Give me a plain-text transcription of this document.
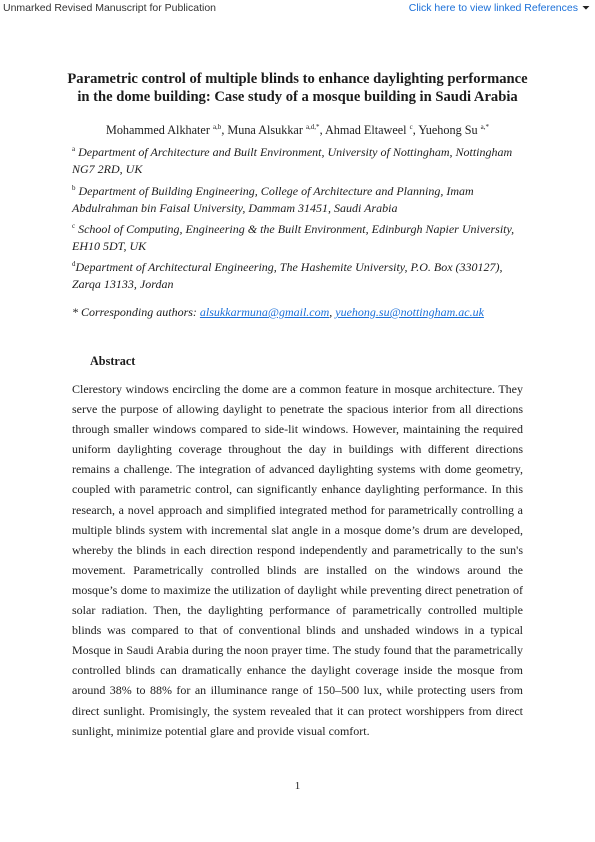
Unmarked Revised Manuscript for Publication	Click here to view linked References ⏷
Parametric control of multiple blinds to enhance daylighting performance
in the dome building: Case study of a mosque building in Saudi Arabia
Mohammed Alkhater $^{a,b}$, Muna Alsukkar $^{a,d,*}$, Ahmad Eltaweel $^c$, Yuehong Su $^{a,*}$
$^a$ Department of Architecture and Built Environment, University of Nottingham, Nottingham
NG7 2RD, UK
$^b$ Department of Building Engineering, College of Architecture and Planning, Imam
Abdulrahman bin Faisal University, Dammam 31451, Saudi Arabia
$^c$ School of Computing, Engineering & the Built Environment, Edinburgh Napier University,
EH10 5DT, UK
$^d$Department of Architectural Engineering, The Hashemite University, P.O. Box (330127),
Zarqa 13133, Jordan
* Corresponding authors: alsukkarmuna@gmail.com, yuehong.su@nottingham.ac.uk
Abstract
Clerestory windows encircling the dome are a common feature in mosque architecture. They serve the purpose of allowing daylight to penetrate the spacious interior from all directions through smaller windows compared to side-lit windows. However, maintaining the required uniform daylighting coverage throughout the day in buildings with different directions remains a challenge. The integration of advanced daylighting systems with dome geometry, coupled with parametric control, can significantly enhance daylighting performance. In this research, a novel approach and simplified integrated method for parametrically controlling a multiple blinds system with incremental slat angle in a mosque dome’s drum are developed, whereby the blinds in each direction respond independently and parametrically to the sun's movement. Parametrically controlled blinds are installed on the windows around the mosque’s dome to maximize the utilization of daylight while preventing direct penetration of solar radiation. Then, the daylighting performance of parametrically controlled multiple blinds was compared to that of conventional blinds and unshaded windows in a typical Mosque in Saudi Arabia during the noon prayer time. The study found that the parametrically controlled blinds can dramatically enhance the daylight coverage inside the mosque from around 38% to 88% for an illuminance range of 150–500 lux, while protecting users from direct sunlight. Promisingly, the system revealed that it can protect worshippers from direct sunlight, minimize potential glare and provide visual comfort.
1
